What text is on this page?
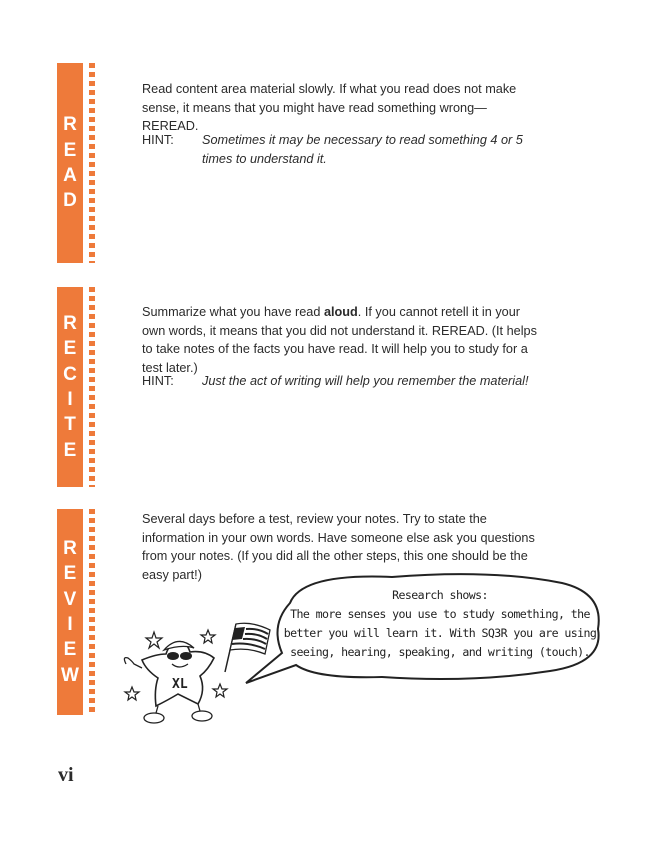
R
E
A
D

Read content area material slowly. If what you read does not make sense, it means that you might have read something wrong—REREAD.

HINT: Sometimes it may be necessary to read something 4 or 5 times to understand it.
R
E
C
I
T
E

Summarize what you have read aloud. If you cannot retell it in your own words, it means that you did not understand it. REREAD. (It helps to take notes of the facts you have read. It will help you to study for a test later.)

HINT: Just the act of writing will help you remember the material!
R
E
V
I
E
W

Several days before a test, review your notes. Try to state the information in your own words. Have someone else ask you questions from your notes. (If you did all the other steps, this one should be the easy part!)

XL
Research shows:
The more senses you use to study something, the
better you will learn it. With SQ3R you are using
seeing, hearing, speaking, and writing (touch).
vi
